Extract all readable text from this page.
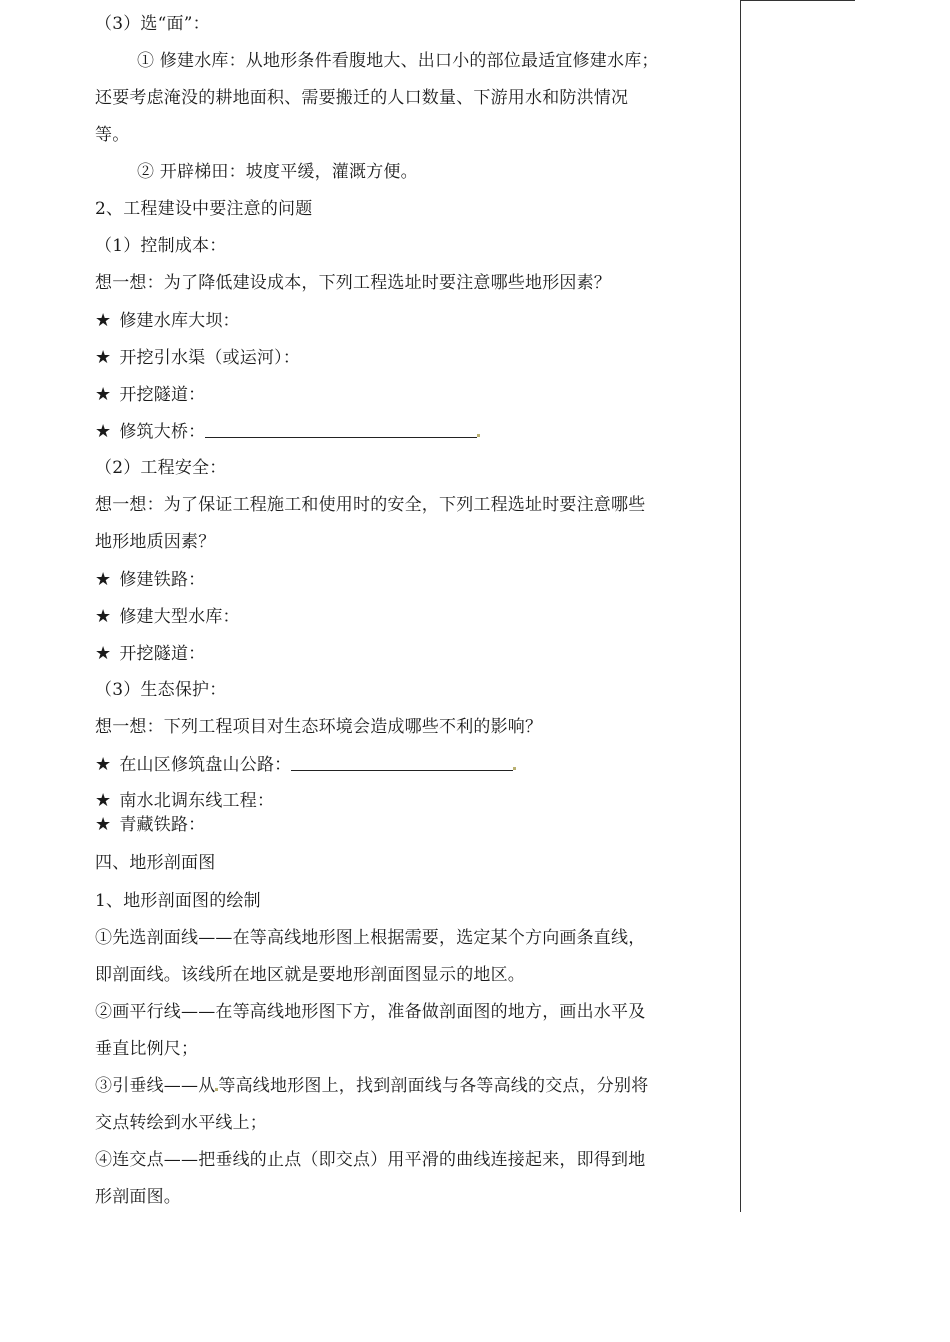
（3）选“面”：
① 修建水库：从地形条件看腹地大、出口小的部位最适宜修建水库；
还要考虑淹没的耕地面积、需要搬迁的人口数量、下游用水和防洪情况
等。
② 开辟梯田：坡度平缓，灌溉方便。
2、工程建设中要注意的问题
（1）控制成本：
想一想：为了降低建设成本，下列工程选址时要注意哪些地形因素？
★ 修建水库大坝：
★ 开挖引水渠（或运河）：
★ 开挖隧道：
★ 修筑大桥：
（2）工程安全：
想一想：为了保证工程施工和使用时的安全，下列工程选址时要注意哪些
地形地质因素？
★ 修建铁路：
★ 修建大型水库：
★ 开挖隧道：
（3）生态保护：
想一想：下列工程项目对生态环境会造成哪些不利的影响？
★ 在山区修筑盘山公路：
★ 南水北调东线工程：
★ 青藏铁路：
四、地形剖面图
1、地形剖面图的绘制
①先选剖面线——在等高线地形图上根据需要，选定某个方向画条直线，
即剖面线。该线所在地区就是要地形剖面图显示的地区。
②画平行线——在等高线地形图下方，准备做剖面图的地方，画出水平及
垂直比例尺；
③引垂线——从 等高线地形图上，找到剖面线与各等高线的交点，分别将
交点转绘到水平线上；
④连交点——把垂线的止点（即交点）用平滑的曲线连接起来，即得到地
形剖面图。
